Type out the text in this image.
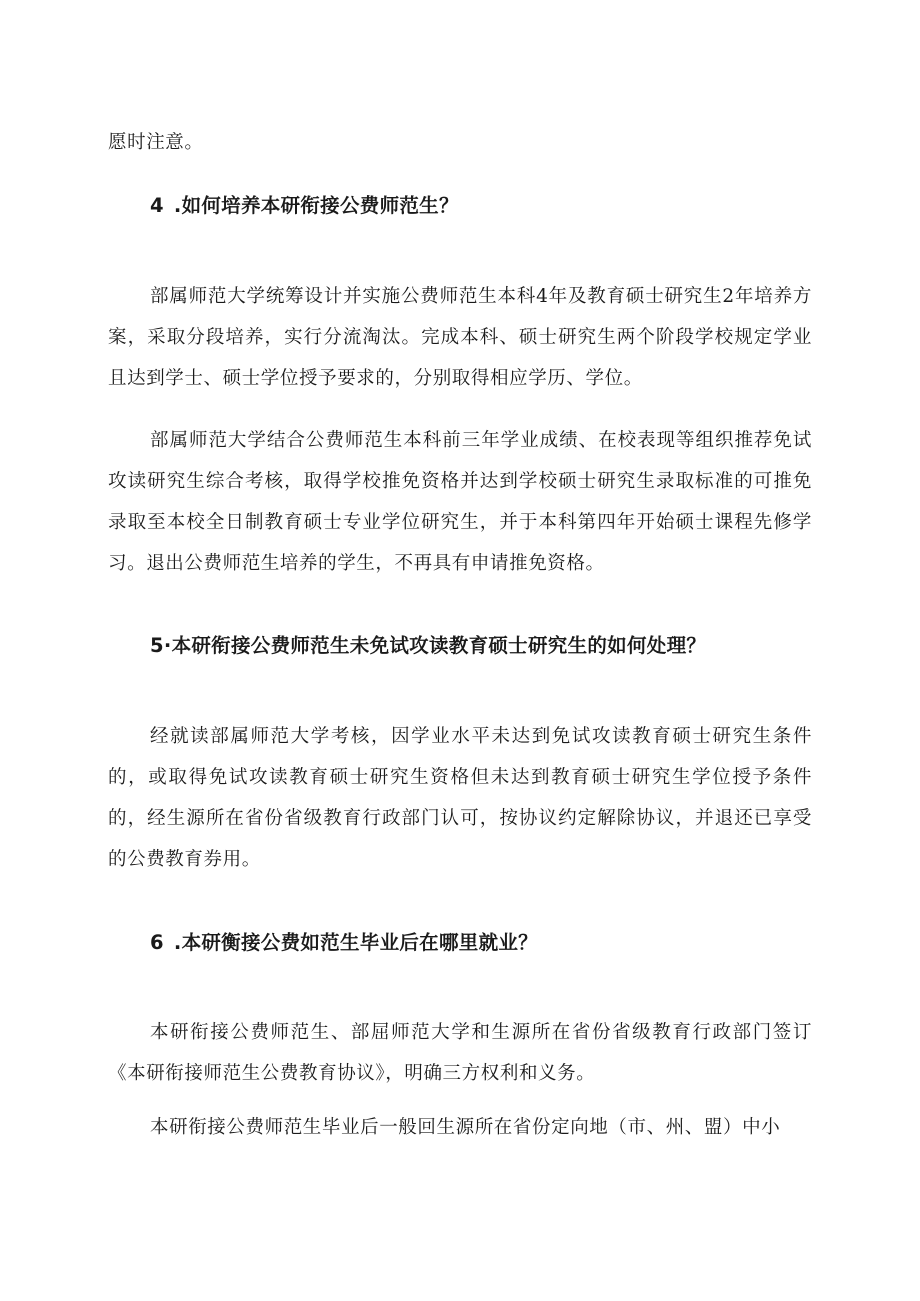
愿时注意。

4 .如何培养本研衔接公费师范生？

部属师范大学统筹设计并实施公费师范生本科4年及教育硕士研究生2年培养方案，采取分段培养，实行分流淘汰。完成本科、硕士研究生两个阶段学校规定学业且达到学士、硕士学位授予要求的，分别取得相应学历、学位。

部属师范大学结合公费师范生本科前三年学业成绩、在校表现等组织推荐免试攻读研究生综合考核，取得学校推免资格并达到学校硕士研究生录取标准的可推免录取至本校全日制教育硕士专业学位研究生，并于本科第四年开始硕士课程先修学习。退出公费师范生培养的学生，不再具有申请推免资格。

5·本研衔接公费师范生未免试攻读教育硕士研究生的如何处理？

经就读部属师范大学考核，因学业水平未达到免试攻读教育硕士研究生条件的，或取得免试攻读教育硕士研究生资格但未达到教育硕士研究生学位授予条件的，经生源所在省份省级教育行政部门认可，按协议约定解除协议，并退还已享受的公费教育券用。

6 .本研衡接公费如范生毕业后在哪里就业？

本研衔接公费师范生、部屈师范大学和生源所在省份省级教育行政部门签订《本研衔接师范生公费教育协议》，明确三方权利和义务。

本研衔接公费师范生毕业后一般回生源所在省份定向地（市、州、盟）中小
